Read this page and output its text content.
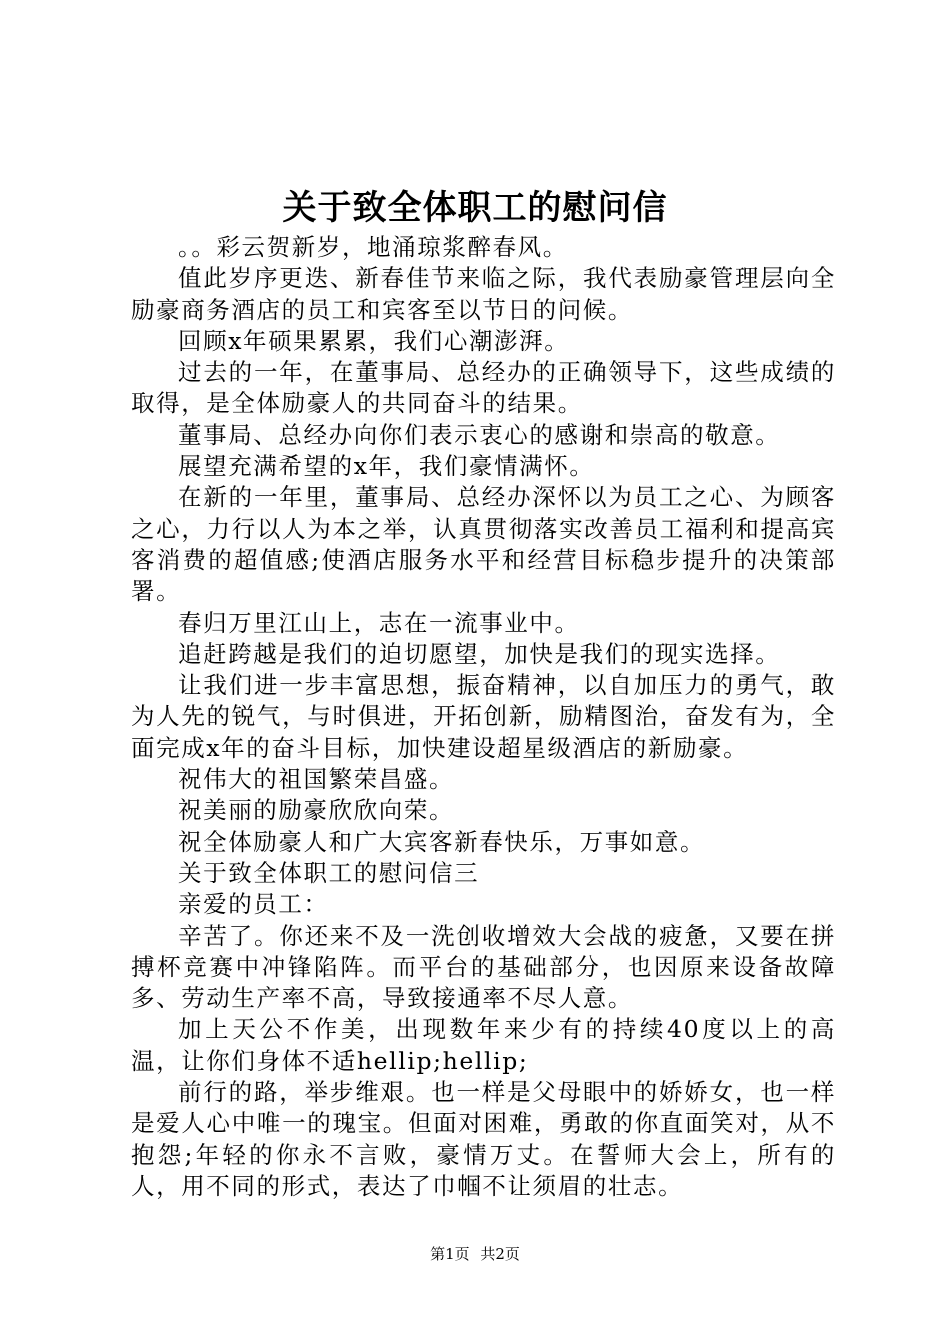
关于致全体职工的慰问信

。。彩云贺新岁，地涌琼浆醉春风。

值此岁序更迭、新春佳节来临之际，我代表励豪管理层向全励豪商务酒店的员工和宾客至以节日的问候。

回顾x年硕果累累，我们心潮澎湃。

过去的一年，在董事局、总经办的正确领导下，这些成绩的取得，是全体励豪人的共同奋斗的结果。

董事局、总经办向你们表示衷心的感谢和崇高的敬意。

展望充满希望的x年，我们豪情满怀。

在新的一年里，董事局、总经办深怀以为员工之心、为顾客之心，力行以人为本之举，认真贯彻落实改善员工福利和提高宾客消费的超值感;使酒店服务水平和经营目标稳步提升的决策部署。

春归万里江山上，志在一流事业中。

追赶跨越是我们的迫切愿望，加快是我们的现实选择。

让我们进一步丰富思想，振奋精神，以自加压力的勇气，敢为人先的锐气，与时俱进，开拓创新，励精图治，奋发有为，全面完成x年的奋斗目标，加快建设超星级酒店的新励豪。

祝伟大的祖国繁荣昌盛。

祝美丽的励豪欣欣向荣。

祝全体励豪人和广大宾客新春快乐，万事如意。

关于致全体职工的慰问信三

亲爱的员工：

辛苦了。你还来不及一洗创收增效大会战的疲惫，又要在拼搏杯竞赛中冲锋陷阵。而平台的基础部分，也因原来设备故障多、劳动生产率不高，导致接通率不尽人意。

加上天公不作美，出现数年来少有的持续40度以上的高温，让你们身体不适hellip;hellip;

前行的路，举步维艰。也一样是父母眼中的娇娇女，也一样是爱人心中唯一的瑰宝。但面对困难，勇敢的你直面笑对，从不抱怨;年轻的你永不言败，豪情万丈。在誓师大会上，所有的人，用不同的形式，表达了巾帼不让须眉的壮志。

第1页 共2页
